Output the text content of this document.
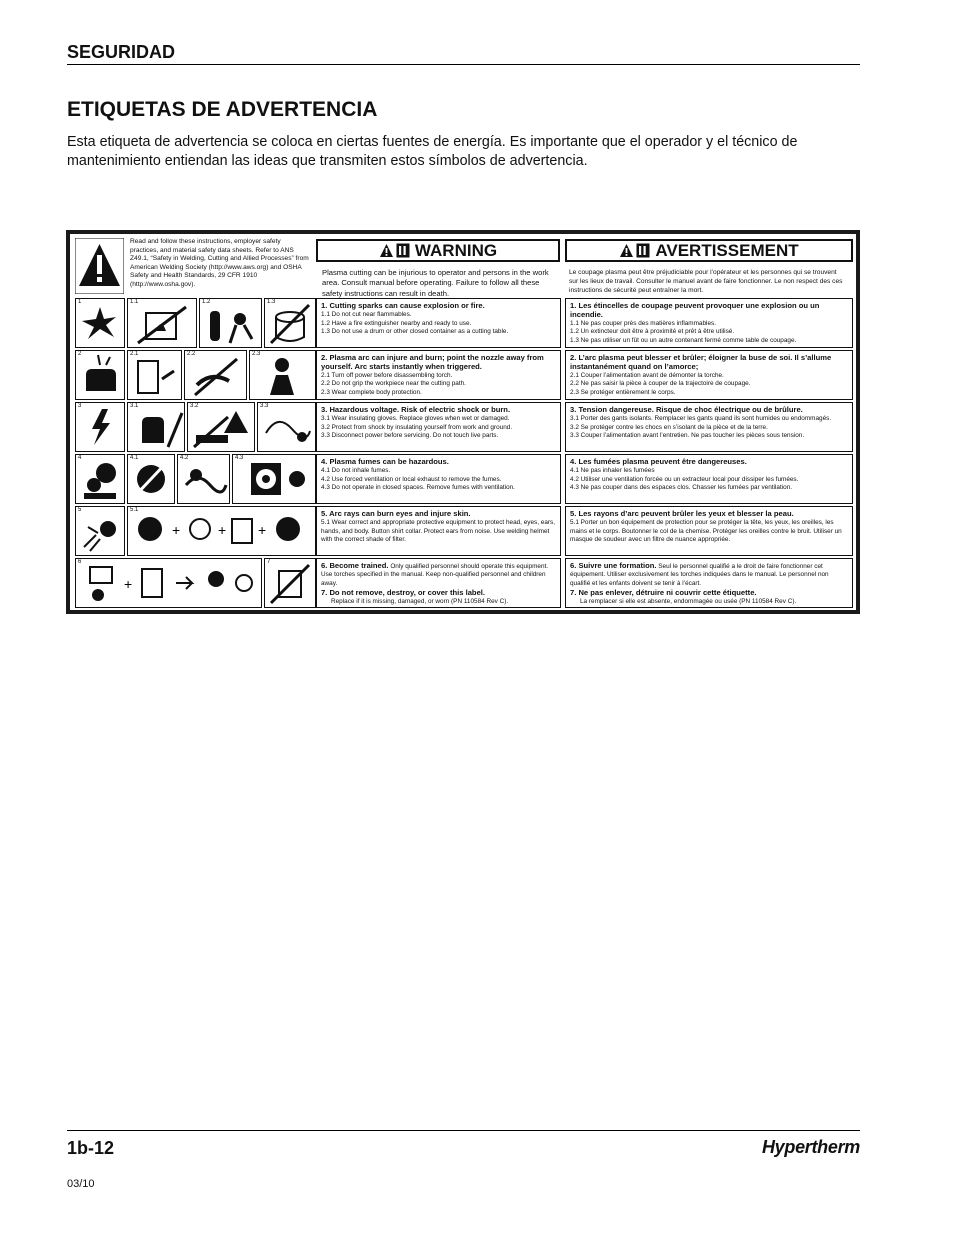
SEGURIDAD
ETIQUETAS DE ADVERTENCIA

Esta etiqueta de advertencia se coloca en ciertas fuentes de energía. Es importante que el operador y el técnico de mantenimiento entiendan las ideas que transmiten estos símbolos de advertencia.

Read and follow these instructions, employer safety practices, and material safety data sheets. Refer to ANS Z49.1, “Safety in Welding, Cutting and Allied Processes” from American Welding Society (http://www.aws.org) and OSHA Safety and Health Standards, 29 CFR 1910 (http://www.osha.gov).
WARNING
Plasma cutting can be injurious to operator and persons in the work area. Consult manual before operating. Failure to follow all these safety instructions can result in death.
AVERTISSEMENT
Le coupage plasma peut être préjudiciable pour l’opérateur et les personnes qui se trouvent sur les lieux de travail. Consulter le manuel avant de faire fonctionner. Le non respect des ces instructions de sécurité peut entraîner la mort.
1	1.1	1.2	1.3
2	2.1	2.2	2.3
3	3.1	3.2	3.3
4	4.1	4.2	4.3
5	5.1
+	+ +
6
+
7
1. Cutting sparks can cause explosion or fire.
1.1 Do not cut near flammables.
1.2 Have a fire extinguisher nearby and ready to use.
1.3 Do not use a drum or other closed container as a cutting table.
2. Plasma arc can injure and burn; point the nozzle away from yourself. Arc starts instantly when triggered.
2.1 Turn off power before disassembling torch.
2.2 Do not grip the workpiece near the cutting path.
2.3 Wear complete body protection.
3. Hazardous voltage. Risk of electric shock or burn.
3.1 Wear insulating gloves. Replace gloves when wet or damaged.
3.2 Protect from shock by insulating yourself from work and ground.
3.3 Disconnect power before servicing. Do not touch live parts.
4. Plasma fumes can be hazardous.
4.1 Do not inhale fumes.
4.2 Use forced ventilation or local exhaust to remove the fumes.
4.3 Do not operate in closed spaces. Remove fumes with ventilation.
5. Arc rays can burn eyes and injure skin.
5.1 Wear correct and appropriate protective equipment to protect head, eyes, ears, hands, and body. Button shirt collar. Protect ears from noise. Use welding helmet with the correct shade of filter.
6. Become trained. Only qualified personnel should operate this equipment. Use torches specified in the manual. Keep non-qualified personnel and children away.
7. Do not remove, destroy, or cover this label.
Replace if it is missing, damaged, or worn (PN 110584 Rev C).
1. Les étincelles de coupage peuvent provoquer une explosion ou un incendie.
1.1 Ne pas couper près des matières inflammables.
1.2 Un extincteur doit être à proximité et prêt à être utilisé.
1.3 Ne pas utiliser un fût ou un autre contenant fermé comme table de coupage.
2. L’arc plasma peut blesser et brûler; éloigner la buse de soi. Il s’allume instantanément quand on l’amorce;
2.1 Couper l’alimentation avant de démonter la torche.
2.2 Ne pas saisir la pièce à couper de la trajectoire de coupage.
2.3 Se protéger entièrement le corps.
3. Tension dangereuse. Risque de choc électrique ou de brûlure.
3.1 Porter des gants isolants. Remplacer les gants quand ils sont humides ou endommagés.
3.2 Se protéger contre les chocs en s’isolant de la pièce et de la terre.
3.3 Couper l’alimentation avant l’entretien. Ne pas toucher les pièces sous tension.
4. Les fumées plasma peuvent être dangereuses.
4.1 Ne pas inhaler les fumées
4.2 Utiliser une ventilation forcée ou un extracteur local pour dissiper les fumées.
4.3 Ne pas couper dans des espaces clos. Chasser les fumées par ventilation.
5. Les rayons d’arc peuvent brûler les yeux et blesser la peau.
5.1 Porter un bon équipement de protection pour se protéger la tête, les yeux, les oreilles, les mains et le corps. Boutonner le col de la chemise. Protéger les oreilles contre le bruit. Utiliser un masque de soudeur avec un filtre de nuance appropriée.
6. Suivre une formation. Seul le personnel qualifié a le droit de faire fonctionner cet équipement. Utiliser exclusivement les torches indiquées dans le manual. Le personnel non qualifié et les enfants doivent se tenir à l’écart.
7. Ne pas enlever, détruire ni couvrir cette étiquette.
La remplacer si elle est absente, endommagée ou usée (PN 110584 Rev C).
1b-12	Hypertherm
03/10
